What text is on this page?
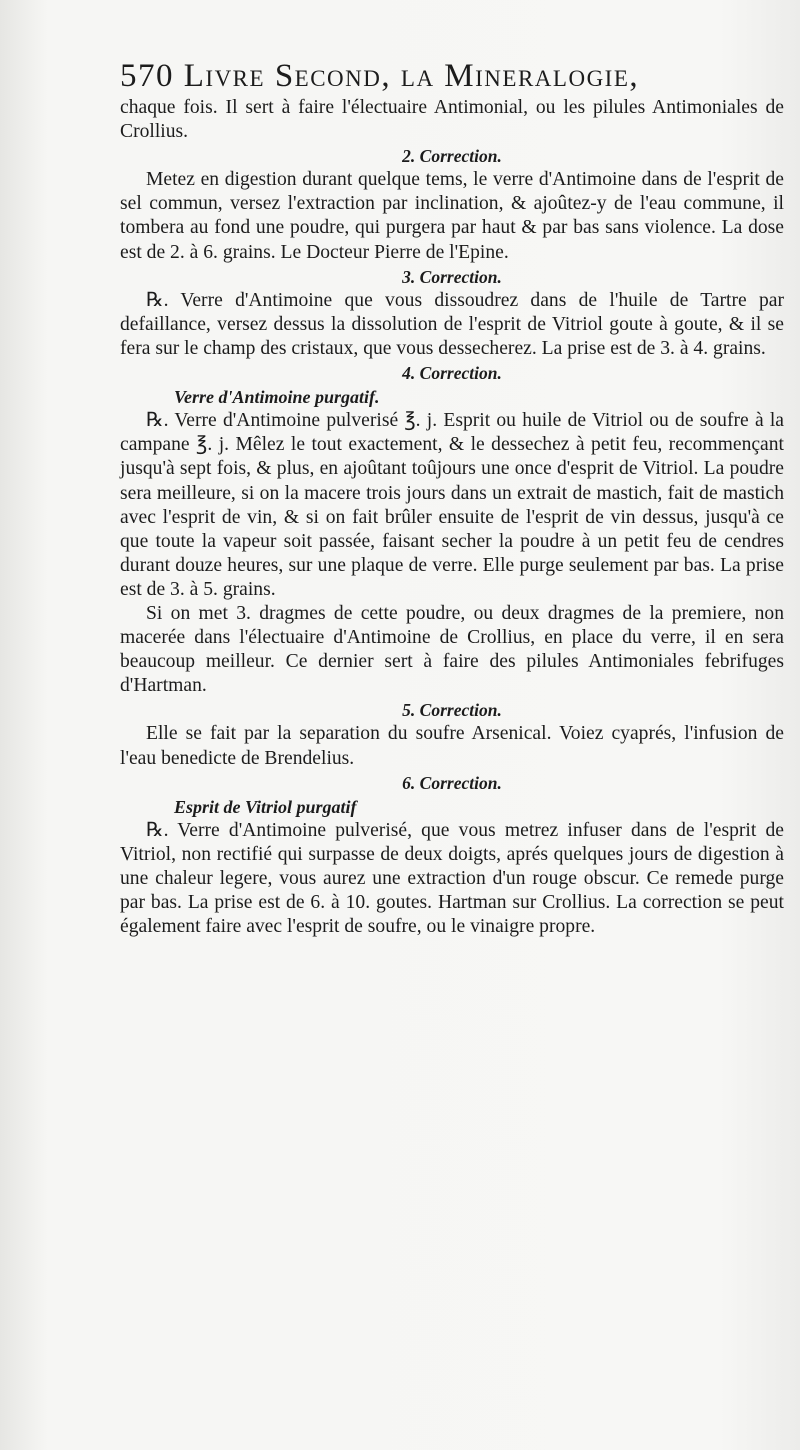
570 Livre Second, la Mineralogie,

chaque fois. Il sert à faire l'électuaire Antimonial, ou les pilules Antimoniales de Crollius.

2. Correction.

Metez en digestion durant quelque tems, le verre d'Antimoine dans de l'esprit de sel commun, versez l'extraction par inclination, & ajoûtez-y de l'eau commune, il tombera au fond une poudre, qui purgera par haut & par bas sans violence. La dose est de 2. à 6. grains. Le Docteur Pierre de l'Epine.

3. Correction.

℞. Verre d'Antimoine que vous dissoudrez dans de l'huile de Tartre par defaillance, versez dessus la dissolution de l'esprit de Vitriol goute à goute, & il se fera sur le champ des cristaux, que vous dessecherez. La prise est de 3. à 4. grains.

4. Correction.
Verre d'Antimoine purgatif.

℞. Verre d'Antimoine pulverisé ℥. j. Esprit ou huile de Vitriol ou de soufre à la campane ℥. j. Mêlez le tout exactement, & le dessechez à petit feu, recommençant jusqu'à sept fois, & plus, en ajoûtant toûjours une once d'esprit de Vitriol. La poudre sera meilleure, si on la macere trois jours dans un extrait de mastich, fait de mastich avec l'esprit de vin, & si on fait brûler ensuite de l'esprit de vin dessus, jusqu'à ce que toute la vapeur soit passée, faisant secher la poudre à un petit feu de cendres durant douze heures, sur une plaque de verre. Elle purge seulement par bas. La prise est de 3. à 5. grains.

Si on met 3. dragmes de cette poudre, ou deux dragmes de la premiere, non macerée dans l'électuaire d'Antimoine de Crollius, en place du verre, il en sera beaucoup meilleur. Ce dernier sert à faire des pilules Antimoniales febrifuges d'Hartman.

5. Correction.

Elle se fait par la separation du soufre Arsenical. Voiez cyaprés, l'infusion de l'eau benedicte de Brendelius.

6. Correction.
Esprit de Vitriol purgatif

℞. Verre d'Antimoine pulverisé, que vous metrez infuser dans de l'esprit de Vitriol, non rectifié qui surpasse de deux doigts, aprés quelques jours de digestion à une chaleur legere, vous aurez une extraction d'un rouge obscur. Ce remede purge par bas. La prise est de 6. à 10. goutes. Hartman sur Crollius. La correction se peut également faire avec l'esprit de soufre, ou le vinaigre propre.
